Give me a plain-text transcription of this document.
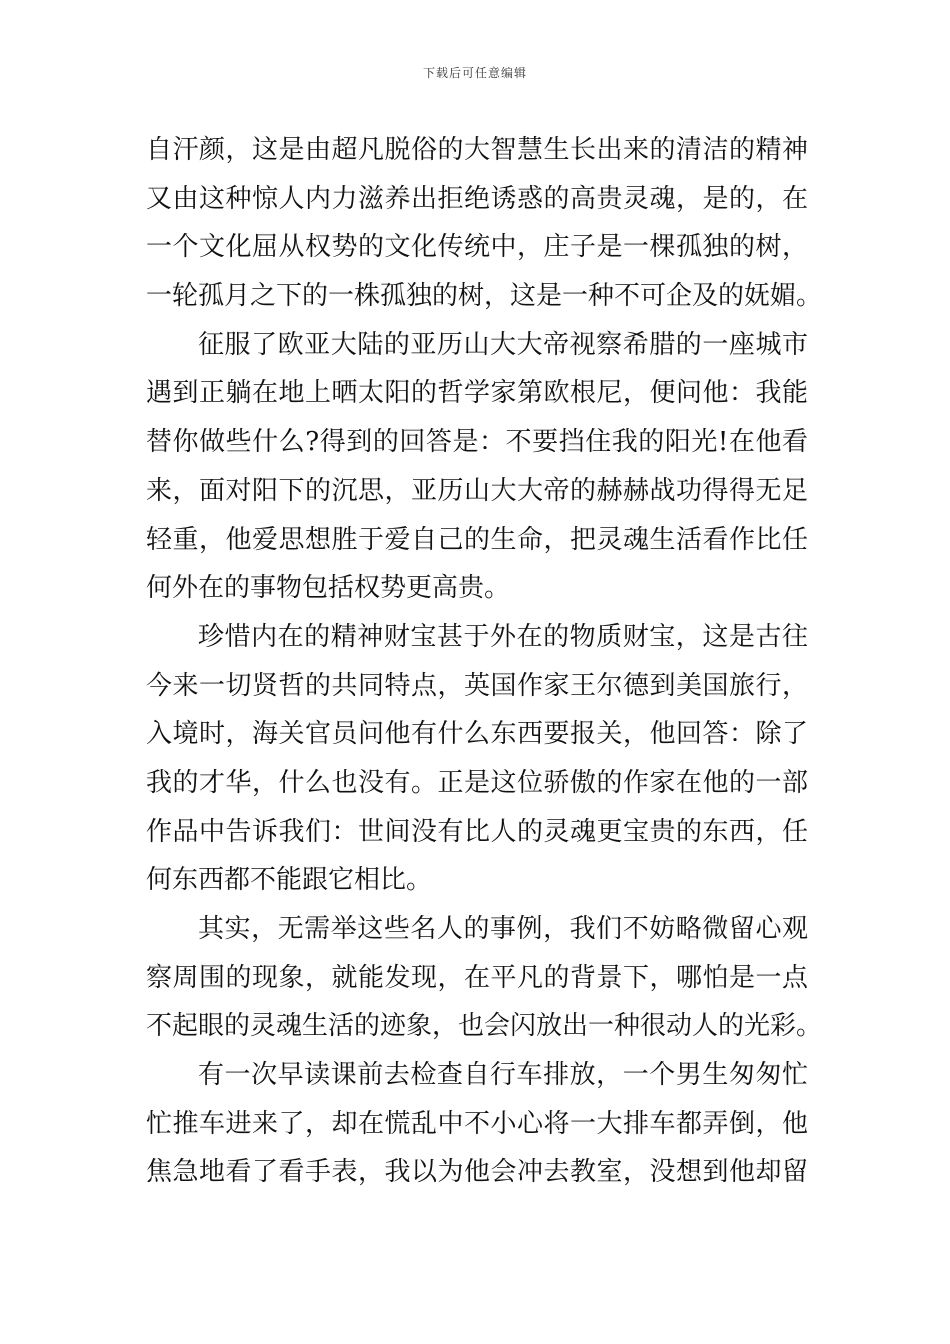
下载后可任意编辑
自汗颜，这是由超凡脱俗的大智慧生长出来的清洁的精神
又由这种惊人内力滋养出拒绝诱惑的高贵灵魂，是的，在
一个文化屈从权势的文化传统中，庄子是一棵孤独的树，
一轮孤月之下的一株孤独的树，这是一种不可企及的妩媚。
征服了欧亚大陆的亚历山大大帝视察希腊的一座城市
遇到正躺在地上晒太阳的哲学家第欧根尼，便问他：我能
替你做些什么?得到的回答是：不要挡住我的阳光!在他看
来，面对阳下的沉思，亚历山大大帝的赫赫战功得得无足
轻重，他爱思想胜于爱自己的生命，把灵魂生活看作比任
何外在的事物包括权势更高贵。
珍惜内在的精神财宝甚于外在的物质财宝，这是古往
今来一切贤哲的共同特点，英国作家王尔德到美国旅行，
入境时，海关官员问他有什么东西要报关，他回答：除了
我的才华，什么也没有。正是这位骄傲的作家在他的一部
作品中告诉我们：世间没有比人的灵魂更宝贵的东西，任
何东西都不能跟它相比。
其实，无需举这些名人的事例，我们不妨略微留心观
察周围的现象，就能发现，在平凡的背景下，哪怕是一点
不起眼的灵魂生活的迹象，也会闪放出一种很动人的光彩。
有一次早读课前去检查自行车排放，一个男生匆匆忙
忙推车进来了，却在慌乱中不小心将一大排车都弄倒，他
焦急地看了看手表，我以为他会冲去教室，没想到他却留
